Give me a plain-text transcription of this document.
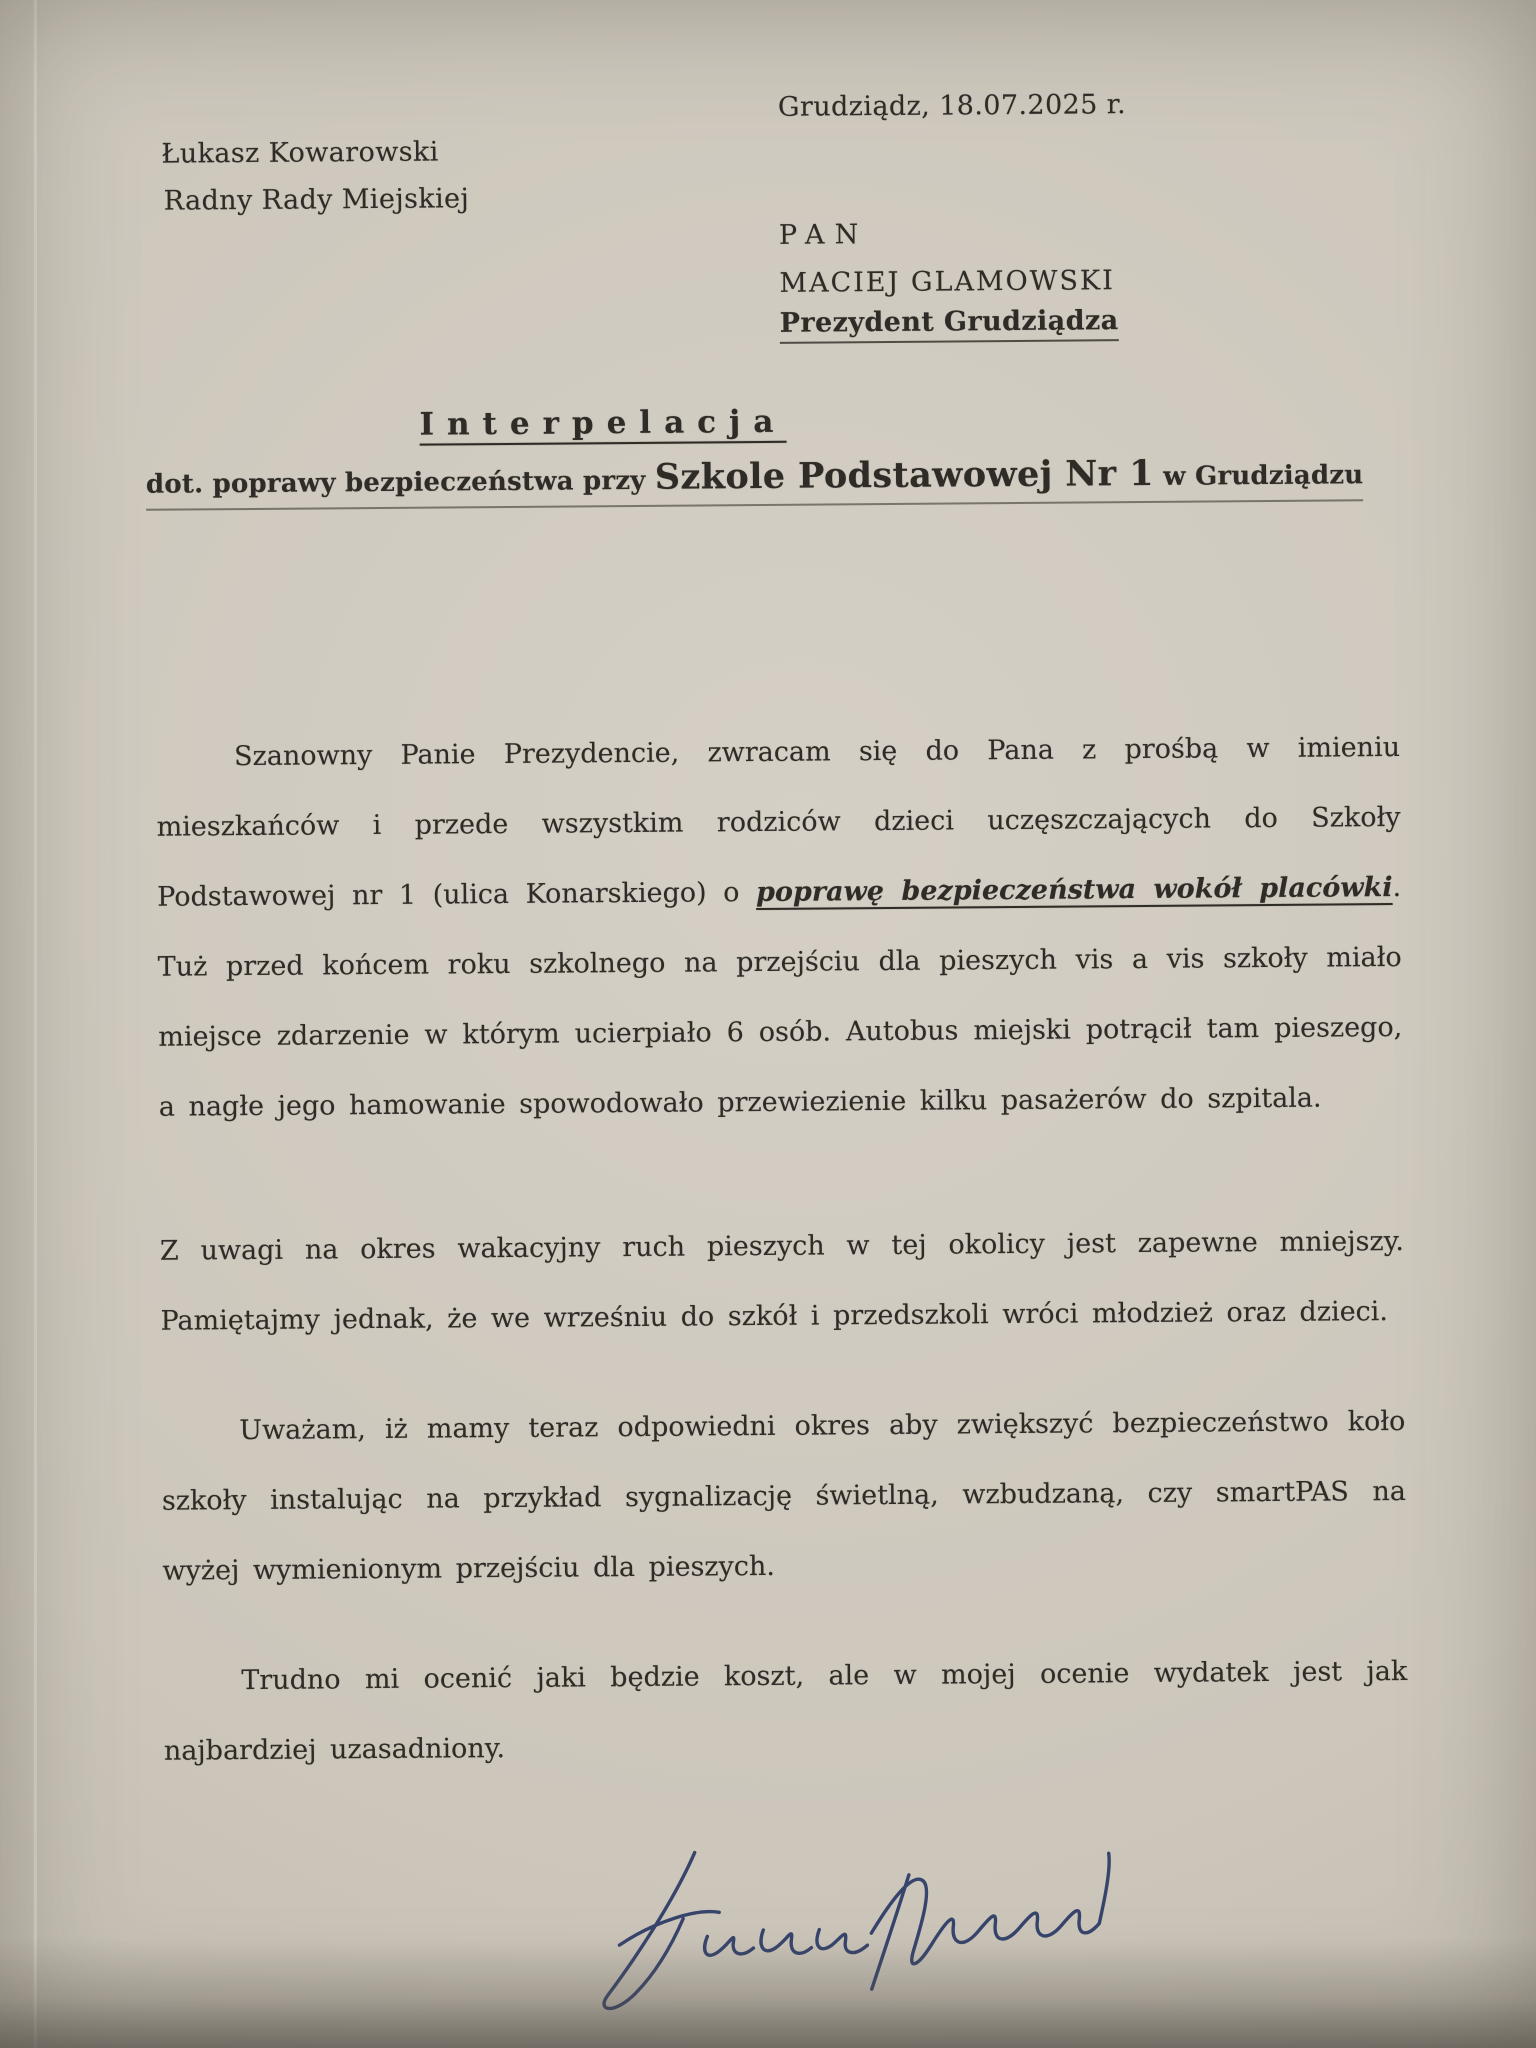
Grudziądz, 18.07.2025 r.
Łukasz Kowarowski
Radny Rady Miejskiej
PAN
MACIEJ GLAMOWSKI
Prezydent Grudziądza
Interpelacja
dot. poprawy bezpieczeństwa przy Szkole Podstawowej Nr 1 w Grudziądzu

Szanowny Panie Prezydencie, zwracam się do Pana z prośbą w imieniu mieszkańców i przede wszystkim rodziców dzieci uczęszczających do Szkoły Podstawowej nr 1 (ulica Konarskiego) o poprawę bezpieczeństwa wokół placówki. Tuż przed końcem roku szkolnego na przejściu dla pieszych vis a vis szkoły miało miejsce zdarzenie w którym ucierpiało 6 osób. Autobus miejski potrącił tam pieszego, a nagłe jego hamowanie spowodowało przewiezienie kilku pasażerów do szpitala.

Z uwagi na okres wakacyjny ruch pieszych w tej okolicy jest zapewne mniejszy. Pamiętajmy jednak, że we wrześniu do szkół i przedszkoli wróci młodzież oraz dzieci.

Uważam, iż mamy teraz odpowiedni okres aby zwiększyć bezpieczeństwo koło szkoły instalując na przykład sygnalizację świetlną, wzbudzaną, czy smartPAS na wyżej wymienionym przejściu dla pieszych.

Trudno mi ocenić jaki będzie koszt, ale w mojej ocenie wydatek jest jak najbardziej uzasadniony.
